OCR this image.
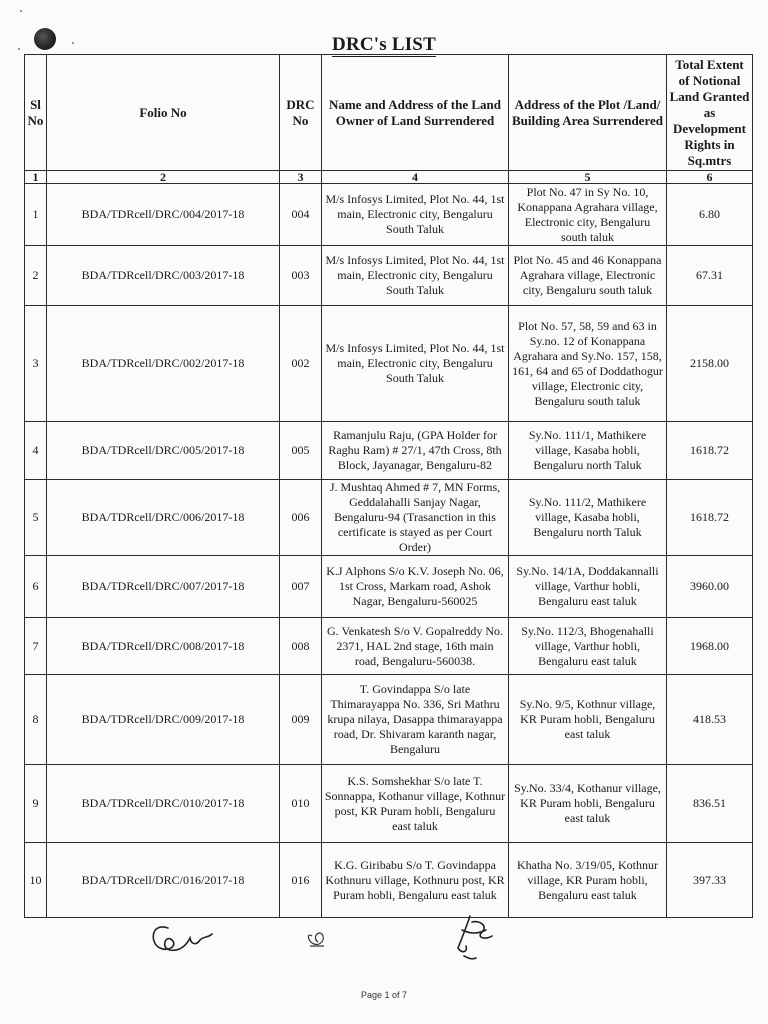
DRC's LIST
Sl No	Folio No	DRC No	Name and Address of the Land Owner of Land Surrendered	Address of the Plot /Land/ Building Area Surrendered	Total Extent of Notional Land Granted as Development Rights in Sq.mtrs
1	2	3	4	5	6
1	BDA/TDRcell/DRC/004/2017-18	004	M/s Infosys Limited, Plot No. 44, 1st main, Electronic city, Bengaluru South Taluk	Plot No. 47 in Sy No. 10, Konappana Agrahara village, Electronic city, Bengaluru south taluk	6.80
2	BDA/TDRcell/DRC/003/2017-18	003	M/s Infosys Limited, Plot No. 44, 1st main, Electronic city, Bengaluru South Taluk	Plot No. 45 and 46 Konappana Agrahara village, Electronic city, Bengaluru south taluk	67.31
3	BDA/TDRcell/DRC/002/2017-18	002	M/s Infosys Limited, Plot No. 44, 1st main, Electronic city, Bengaluru South Taluk	Plot No. 57, 58, 59 and 63 in Sy.no. 12 of Konappana Agrahara and Sy.No. 157, 158, 161, 64 and 65 of Doddathogur village, Electronic city, Bengaluru south taluk	2158.00
4	BDA/TDRcell/DRC/005/2017-18	005	Ramanjulu Raju, (GPA Holder for Raghu Ram) # 27/1, 47th Cross, 8th Block, Jayanagar, Bengaluru-82	Sy.No. 111/1, Mathikere village, Kasaba hobli, Bengaluru north Taluk	1618.72
5	BDA/TDRcell/DRC/006/2017-18	006	J. Mushtaq Ahmed # 7, MN Forms, Geddalahalli Sanjay Nagar, Bengaluru-94 (Trasanction in this certificate is stayed as per Court Order)	Sy.No. 111/2, Mathikere village, Kasaba hobli, Bengaluru north Taluk	1618.72
6	BDA/TDRcell/DRC/007/2017-18	007	K.J Alphons S/o K.V. Joseph No. 06, 1st Cross, Markam road, Ashok Nagar, Bengaluru-560025	Sy.No. 14/1A, Doddakannalli village, Varthur hobli, Bengaluru east taluk	3960.00
7	BDA/TDRcell/DRC/008/2017-18	008	G. Venkatesh S/o V. Gopalreddy No. 2371, HAL 2nd stage, 16th main road, Bengaluru-560038.	Sy.No. 112/3, Bhogenahalli village, Varthur hobli, Bengaluru east taluk	1968.00
8	BDA/TDRcell/DRC/009/2017-18	009	T. Govindappa S/o late Thimarayappa No. 336, Sri Mathru krupa nilaya, Dasappa thimarayappa road, Dr. Shivaram karanth nagar, Bengaluru	Sy.No. 9/5, Kothnur village, KR Puram hobli, Bengaluru east taluk	418.53
9	BDA/TDRcell/DRC/010/2017-18	010	K.S. Somshekhar S/o late T. Sonnappa, Kothanur village, Kothnur post, KR Puram hobli, Bengaluru east taluk	Sy.No. 33/4, Kothanur village, KR Puram hobli, Bengaluru east taluk	836.51
10	BDA/TDRcell/DRC/016/2017-18	016	K.G. Giribabu S/o T. Govindappa Kothnuru village, Kothnuru post, KR Puram hobli, Bengaluru east taluk	Khatha No. 3/19/05, Kothnur village, KR Puram hobli, Bengaluru east taluk	397.33
Page 1 of 7
